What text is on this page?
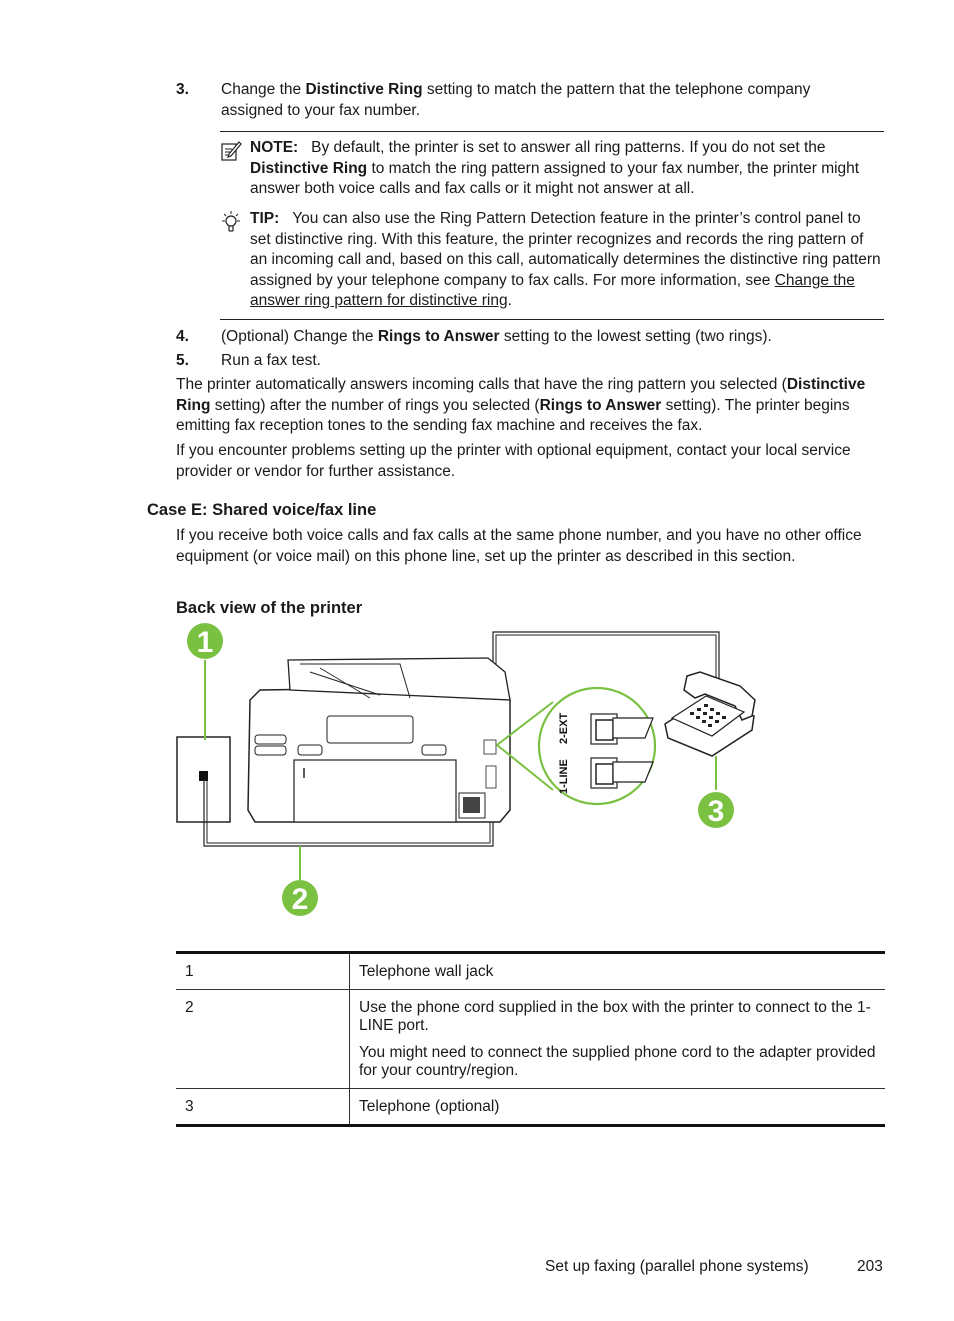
3. Change the Distinctive Ring setting to match the pattern that the telephone company assigned to your fax number.
NOTE: By default, the printer is set to answer all ring patterns. If you do not set the Distinctive Ring to match the ring pattern assigned to your fax number, the printer might answer both voice calls and fax calls or it might not answer at all.
TIP: You can also use the Ring Pattern Detection feature in the printer’s control panel to set distinctive ring. With this feature, the printer recognizes and records the ring pattern of an incoming call and, based on this call, automatically determines the distinctive ring pattern assigned by your telephone company to fax calls. For more information, see Change the answer ring pattern for distinctive ring.
4. (Optional) Change the Rings to Answer setting to the lowest setting (two rings).
5. Run a fax test.
The printer automatically answers incoming calls that have the ring pattern you selected (Distinctive Ring setting) after the number of rings you selected (Rings to Answer setting). The printer begins emitting fax reception tones to the sending fax machine and receives the fax.
If you encounter problems setting up the printer with optional equipment, contact your local service provider or vendor for further assistance.
Case E: Shared voice/fax line
If you receive both voice calls and fax calls at the same phone number, and you have no other office equipment (or voice mail) on this phone line, set up the printer as described in this section.
Back view of the printer
2-EXT
1-LINE
1
2
3
1	Telephone wall jack

2	Use the phone cord supplied in the box with the printer to connect to the 1-LINE port.

You might need to connect the supplied phone cord to the adapter provided for your country/region.

3	Telephone (optional)

Set up faxing (parallel phone systems)	203
